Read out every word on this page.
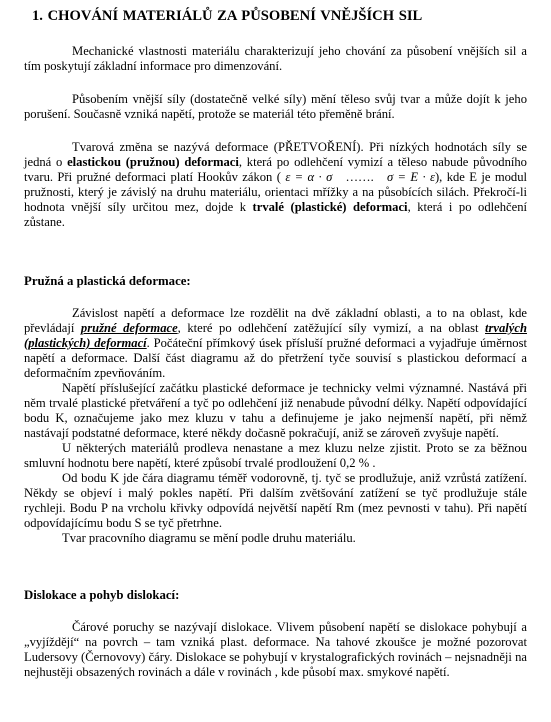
1. CHOVÁNÍ MATERIÁLŮ ZA PŮSOBENÍ VNĚJŠÍCH SIL

Mechanické vlastnosti materiálu charakterizují jeho chování za působení vnějších sil a tím poskytují základní informace pro dimenzování.

Působením vnější síly (dostatečně velké síly) mění těleso svůj tvar a může dojít k jeho porušení. Současně vzniká napětí, protože se materiál této přeměně brání.

Tvarová změna se nazývá deformace (PŘETVOŘENÍ). Při nízkých hodnotách síly se jedná o elastickou (pružnou) deformaci, která po odlehčení vymizí a těleso nabude původního tvaru. Při pružné deformaci platí Hookův zákon ( ε = α · σ   …….   σ = E · ε), kde E je modul pružnosti, který je závislý na druhu materiálu, orientaci mřížky a na působících silách. Překročí-li hodnota vnější síly určitou mez, dojde k trvalé (plastické) deformaci, která i po odlehčení zůstane.

Pružná a plastická deformace:

Závislost napětí a deformace lze rozdělit na dvě základní oblasti, a to na oblast, kde převládají pružné deformace, které po odlehčení zatěžující síly vymizí, a na oblast trvalých (plastických) deformací. Počáteční přímkový úsek přísluší pružné deformaci a vyjadřuje úměrnost napětí a deformace. Další část diagramu až do přetržení tyče souvisí s plastickou deformací a deformačním zpevňováním.

Napětí příslušející začátku plastické deformace je technicky velmi významné. Nastává při něm trvalé plastické přetváření a tyč po odlehčení již nenabude původní délky. Napětí odpovídající bodu K, označujeme jako mez kluzu v tahu a definujeme je jako nejmenší napětí, při němž nastávají podstatné deformace, které někdy dočasně pokračují, aniž se zároveň zvyšuje napětí.

U některých materiálů prodleva nenastane a mez kluzu nelze zjistit. Proto se za běžnou smluvní hodnotu bere napětí, které způsobí trvalé prodloužení 0,2 % .

Od bodu K jde čára diagramu téměř vodorovně, tj. tyč se prodlužuje, aniž vzrůstá zatížení. Někdy se objeví i malý pokles napětí. Při dalším zvětšování zatížení se tyč prodlužuje stále rychleji. Bodu P na vrcholu křivky odpovídá největší napětí Rm (mez pevnosti v tahu). Při napětí odpovídajícímu bodu S se tyč přetrhne.

Tvar pracovního diagramu se mění podle druhu materiálu.

Dislokace a pohyb dislokací:

Čárové poruchy se nazývají dislokace. Vlivem působení napětí se dislokace pohybují a „vyjíždějí“ na povrch – tam vzniká plast. deformace. Na tahové zkoušce je možné pozorovat Ludersovy (Černovovy) čáry. Dislokace se pohybují v krystalografických rovinách – nejsnadněji na nejhustěji obsazených rovinách a dále v rovinách , kde působí max. smykové napětí.
